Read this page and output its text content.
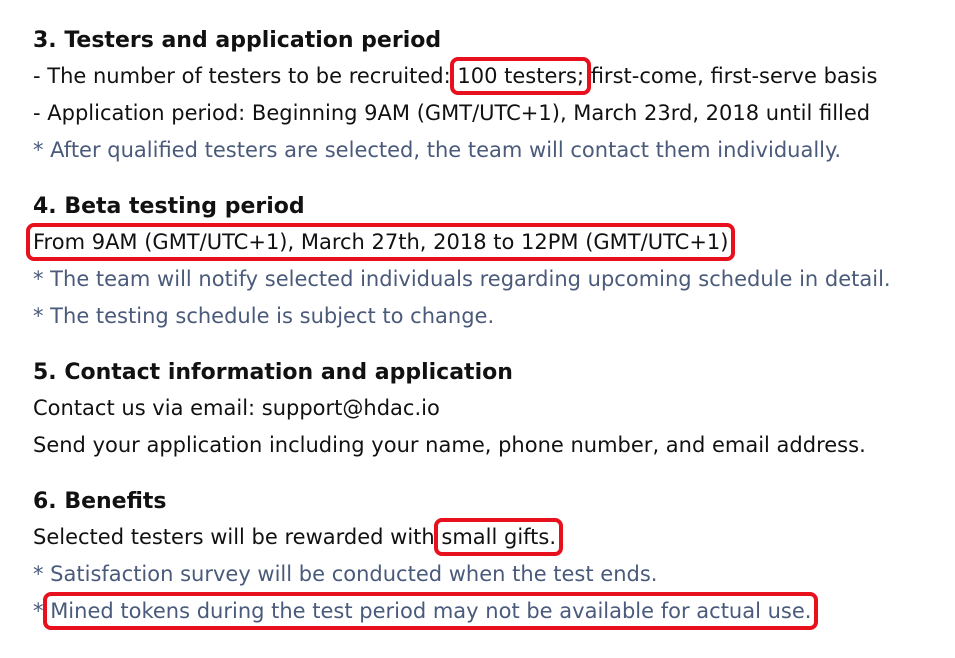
3. Testers and application period
- The number of testers to be recruited: 100 testers; first-come, first-serve basis
- Application period: Beginning 9AM (GMT/UTC+1), March 23rd, 2018 until filled
* After qualified testers are selected, the team will contact them individually.
4. Beta testing period
From 9AM (GMT/UTC+1), March 27th, 2018 to 12PM (GMT/UTC+1)
* The team will notify selected individuals regarding upcoming schedule in detail.
* The testing schedule is subject to change.
5. Contact information and application
Contact us via email: support@hdac.io
Send your application including your name, phone number, and email address.
6. Benefits
Selected testers will be rewarded with small gifts.
* Satisfaction survey will be conducted when the test ends.
* Mined tokens during the test period may not be available for actual use.
